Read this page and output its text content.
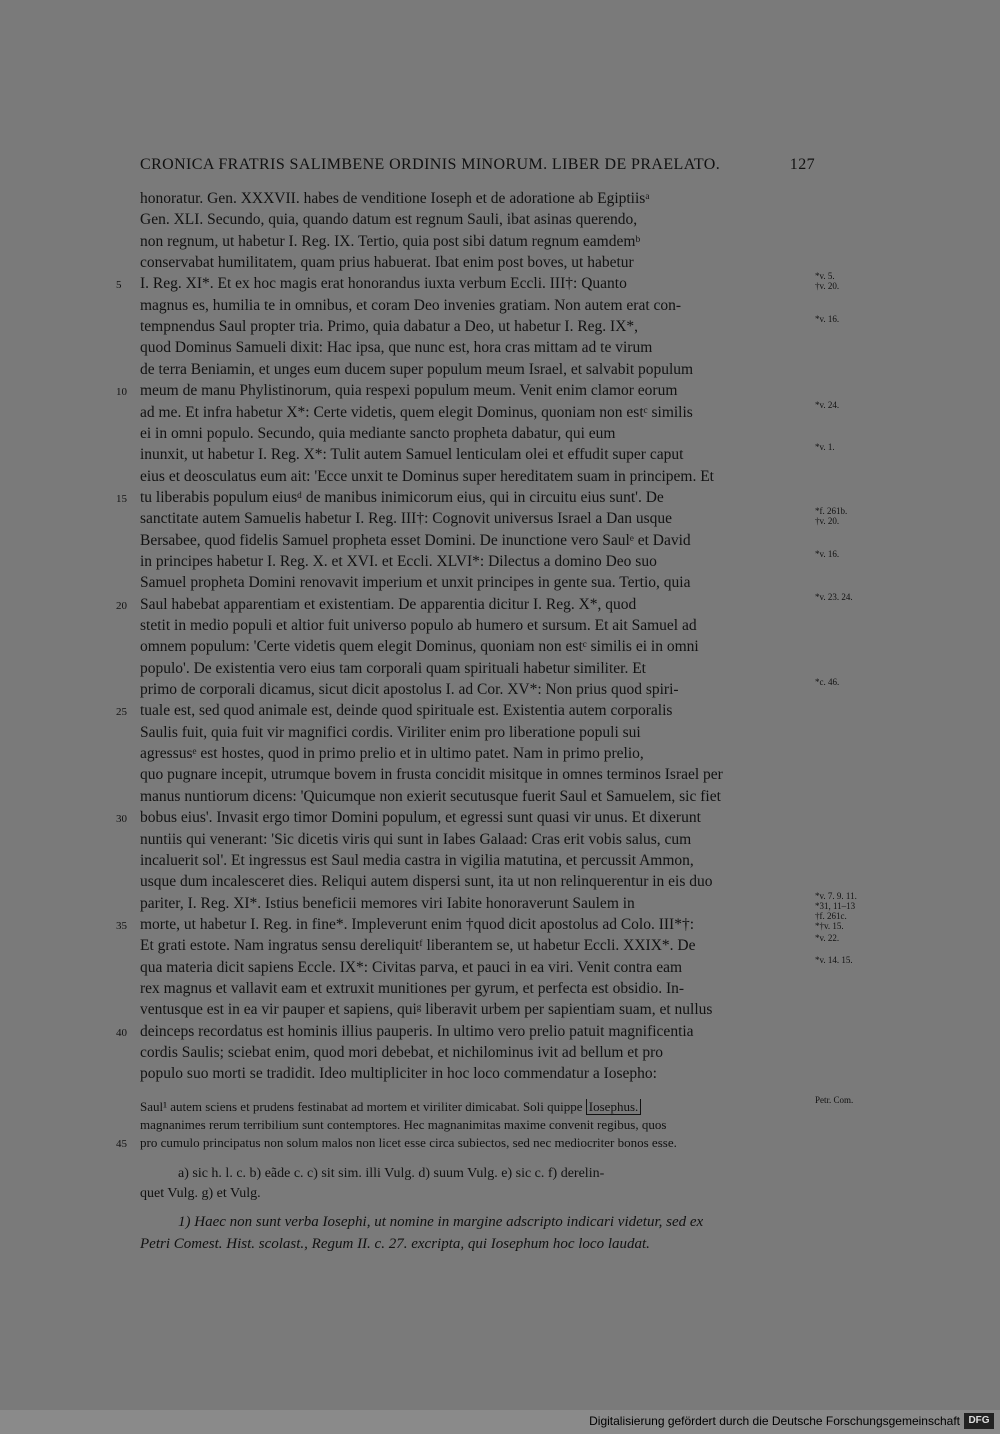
CRONICA FRATRIS SALIMBENE ORDINIS MINORUM. LIBER DE PRAELATO.	127
honoratur. Gen. XXXVII. habes de venditione Ioseph et de adoratione ab Egiptiisᵃ
Gen. XLI. Secundo, quia, quando datum est regnum Sauli, ibat asinas querendo,
non regnum, ut habetur I. Reg. IX. Tertio, quia post sibi datum regnum eamdemᵇ
conservabat humilitatem, quam prius habuerat. Ibat enim post boves, ut habetur
I. Reg. XI*. Et ex hoc magis erat honorandus iuxta verbum Eccli. III†: Quanto
magnus es, humilia te in omnibus, et coram Deo invenies gratiam. Non autem erat con-
tempnendus Saul propter tria. Primo, quia dabatur a Deo, ut habetur I. Reg. IX*,
quod Dominus Samueli dixit: Hac ipsa, que nunc est, hora cras mittam ad te virum
de terra Beniamin, et unges eum ducem super populum meum Israel, et salvabit populum
meum de manu Phylistinorum, quia respexi populum meum. Venit enim clamor eorum
ad me. Et infra habetur X*: Certe videtis, quem elegit Dominus, quoniam non estᶜ similis
ei in omni populo. Secundo, quia mediante sancto propheta dabatur, qui eum
inunxit, ut habetur I. Reg. X*: Tulit autem Samuel lenticulam olei et effudit super caput
eius et deosculatus eum ait: 'Ecce unxit te Dominus super hereditatem suam in principem. Et
tu liberabis populum eiusᵈ de manibus inimicorum eius, qui in circuitu eius sunt'. De
sanctitate autem Samuelis habetur I. Reg. III†: Cognovit universus Israel a Dan usque
Bersabee, quod fidelis Samuel propheta esset Domini. De inunctione vero Saulᵉ et David
in principes habetur I. Reg. X. et XVI. et Eccli. XLVI*: Dilectus a domino Deo suo
Samuel propheta Domini renovavit imperium et unxit principes in gente sua. Tertio, quia
Saul habebat apparentiam et existentiam. De apparentia dicitur I. Reg. X*, quod
stetit in medio populi et altior fuit universo populo ab humero et sursum. Et ait Samuel ad
omnem populum: 'Certe videtis quem elegit Dominus, quoniam non estᶜ similis ei in omni
populo'. De existentia vero eius tam corporali quam spirituali habetur similiter. Et
primo de corporali dicamus, sicut dicit apostolus I. ad Cor. XV*: Non prius quod spiri-
tuale est, sed quod animale est, deinde quod spirituale est. Existentia autem corporalis
Saulis fuit, quia fuit vir magnifici cordis. Viriliter enim pro liberatione populi sui
agressusᵉ est hostes, quod in primo prelio et in ultimo patet. Nam in primo prelio,
quo pugnare incepit, utrumque bovem in frusta concidit misitque in omnes terminos Israel per
manus nuntiorum dicens: 'Quicumque non exierit secutusque fuerit Saul et Samuelem, sic fiet
bobus eius'. Invasit ergo timor Domini populum, et egressi sunt quasi vir unus. Et dixerunt
nuntiis qui venerant: 'Sic dicetis viris qui sunt in Iabes Galaad: Cras erit vobis salus, cum
incaluerit sol'. Et ingressus est Saul media castra in vigilia matutina, et percussit Ammon,
usque dum incalesceret dies. Reliqui autem dispersi sunt, ita ut non relinquerentur in eis duo
pariter, I. Reg. XI*. Istius beneficii memores viri Iabite honoraverunt Saulem in
morte, ut habetur I. Reg. in fine*. Impleverunt enim †quod dicit apostolus ad Colo. III*†:
Et grati estote. Nam ingratus sensu dereliquitᶠ liberantem se, ut habetur Eccli. XXIX*. De
qua materia dicit sapiens Eccle. IX*: Civitas parva, et pauci in ea viri. Venit contra eam
rex magnus et vallavit eam et extruxit munitiones per gyrum, et perfecta est obsidio. In-
ventusque est in ea vir pauper et sapiens, quiᵍ liberavit urbem per sapientiam suam, et nullus
deinceps recordatus est hominis illius pauperis. In ultimo vero prelio patuit magnificentia
cordis Saulis; sciebat enim, quod mori debebat, et nichilominus ivit ad bellum et pro
populo suo morti se tradidit. Ideo multipliciter in hoc loco commendatur a Iosepho:
Saul¹ autem sciens et prudens festinabat ad mortem et viriliter dimicabat. Soli quippe Iosephus.
magnanimes rerum terribilium sunt contemptores. Hec magnanimitas maxime convenit regibus, quos
pro cumulo principatus non solum malos non licet esse circa subiectos, sed nec mediocriter bonos esse.
5
10
15
20
25
30
35
40
45
*v. 5.
†v. 20.
*v. 16.
*v. 24.
*v. 1.
*f. 261b.
†v. 20.
*v. 16.
*v. 23. 24.
*c. 46.
*v. 7. 9. 11.
*31, 11–13
†f. 261c.
*†v. 15.
*v. 22.
*v. 14. 15.
Petr. Com.
a) sic h. l. c. b) eãde c. c) sit sim. illi Vulg. d) suum Vulg. e) sic c. f) derelin-
quet Vulg. g) et Vulg.
1) Haec non sunt verba Iosephi, ut nomine in margine adscripto indicari videtur, sed ex
Petri Comest. Hist. scolast., Regum II. c. 27. excripta, qui Iosephum hoc loco laudat.
Digitalisierung gefördert durch die Deutsche Forschungsgemeinschaft DFG
